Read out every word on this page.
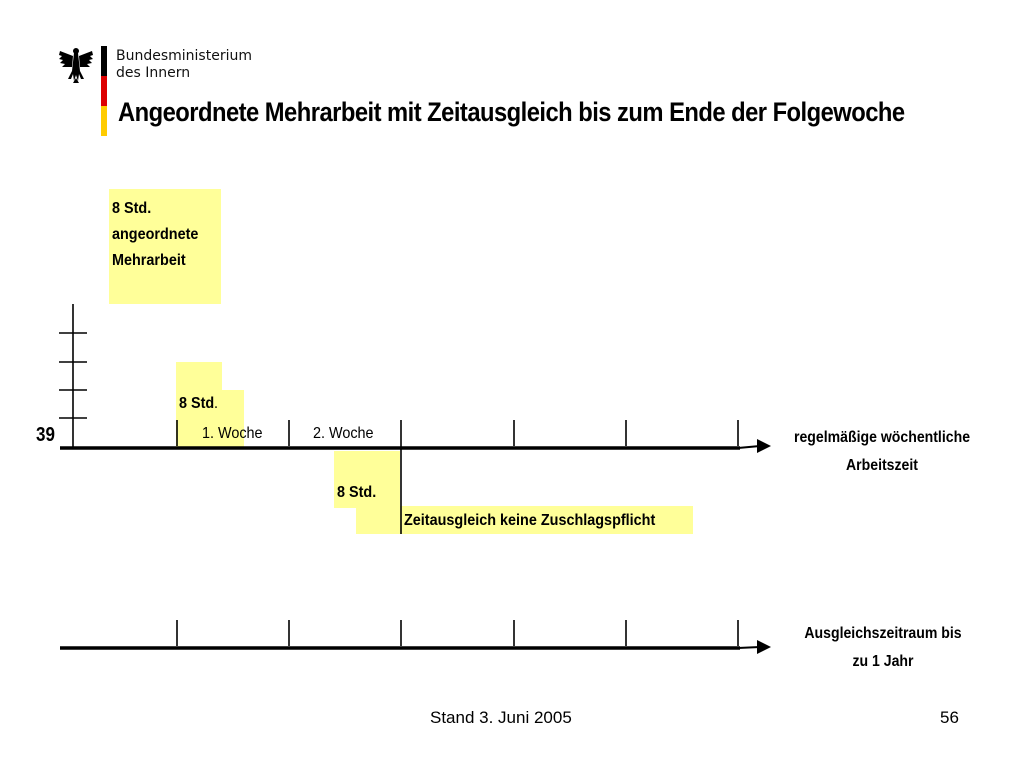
Bundesministerium
des Innern
Angeordnete Mehrarbeit mit Zeitausgleich bis zum Ende der Folgewoche
8 Std.
angeordnete
Mehrarbeit
8 Std.
39	1. Woche	2. Woche	regelmäßige wöchentliche
Arbeitszeit
8 Std.
Zeitausgleich keine Zuschlagspflicht
Ausgleichszeitraum bis
zu 1 Jahr
Stand 3. Juni 2005	56
